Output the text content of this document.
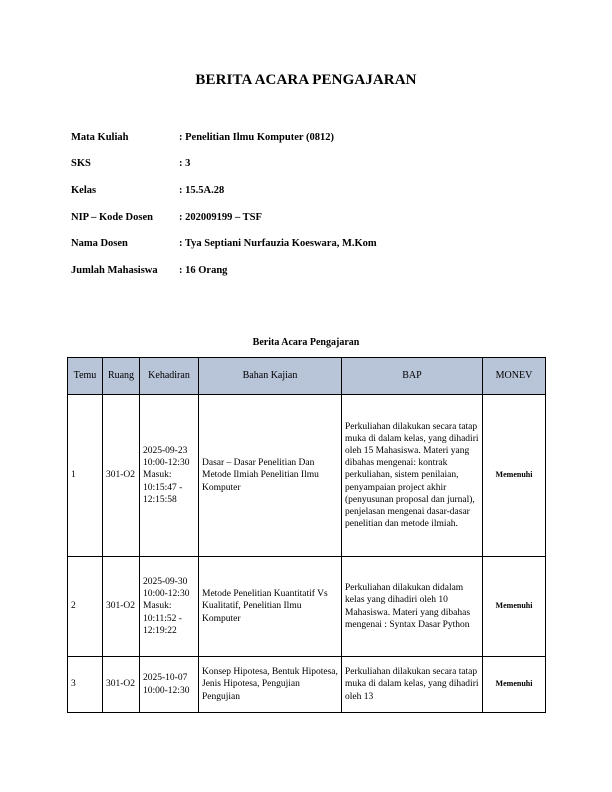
BERITA ACARA PENGAJARAN
Mata Kuliah	: Penelitian Ilmu Komputer (0812)
SKS	: 3
Kelas	: 15.5A.28
NIP – Kode Dosen	: 202009199 – TSF
Nama Dosen	: Tya Septiani Nurfauzia Koeswara, M.Kom
Jumlah Mahasiswa	: 16 Orang
Berita Acara Pengajaran
Temu	Ruang	Kehadiran	Bahan Kajian	BAP	MONEV
1	301-O2	2025-09-23 10:00-12:30 Masuk: 10:15:47 - 12:15:58	Dasar – Dasar Penelitian Dan Metode Ilmiah Penelitian Ilmu Komputer	Perkuliahan dilakukan secara tatap muka di dalam kelas, yang dihadiri oleh 15 Mahasiswa. Materi yang dibahas mengenai: kontrak perkuliahan, sistem penilaian, penyampaian project akhir (penyusunan proposal dan jurnal), penjelasan mengenai dasar-dasar penelitian dan metode ilmiah.	Memenuhi
2	301-O2	2025-09-30 10:00-12:30 Masuk: 10:11:52 - 12:19:22	Metode Penelitian Kuantitatif Vs Kualitatif, Penelitian Ilmu Komputer	Perkuliahan dilakukan didalam kelas yang dihadiri oleh 10 Mahasiswa. Materi yang dibahas mengenai : Syntax Dasar Python	Memenuhi
3	301-O2	2025-10-07 10:00-12:30	Konsep Hipotesa, Bentuk Hipotesa, Jenis Hipotesa, Pengujian Pengujian	Perkuliahan dilakukan secara tatap muka di dalam kelas, yang dihadiri oleh 13	Memenuhi
